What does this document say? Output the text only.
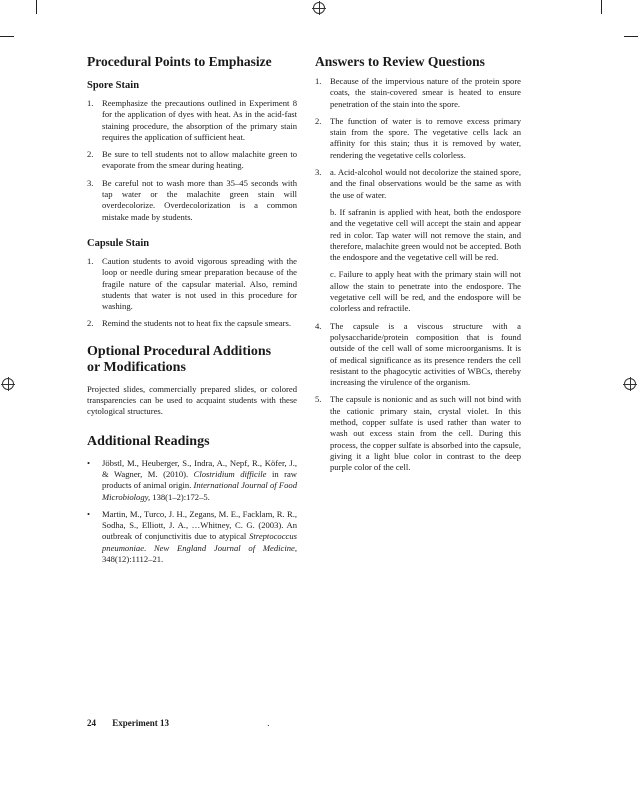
Procedural Points to Emphasize
Spore Stain
1. Reemphasize the precautions outlined in Experiment 8 for the application of dyes with heat. As in the acid-fast staining procedure, the absorption of the primary stain requires the application of sufficient heat.
2. Be sure to tell students not to allow malachite green to evaporate from the smear during heating.
3. Be careful not to wash more than 35–45 seconds with tap water or the malachite green stain will overdecolorize. Overdecolorization is a common mistake made by students.
Capsule Stain
1. Caution students to avoid vigorous spreading with the loop or needle during smear preparation because of the fragile nature of the capsular material. Also, remind students that water is not used in this procedure for washing.
2. Remind the students not to heat fix the capsule smears.
Optional Procedural Additions
or Modifications

Projected slides, commercially prepared slides, or colored transparencies can be used to acquaint students with these cytological structures.

Additional Readings
• Jöbstl, M., Heuberger, S., Indra, A., Nepf, R., Köfer, J., & Wagner, M. (2010). Clostridium difficile in raw products of animal origin. International Journal of Food Microbiology, 138(1–2):172–5.
• Martin, M., Turco, J. H., Zegans, M. E., Facklam, R. R., Sodha, S., Elliott, J. A., …Whitney, C. G. (2003). An outbreak of conjunctivitis due to atypical Streptococcus pneumoniae. New England Journal of Medicine, 348(12):1112–21.
Answers to Review Questions
1. Because of the impervious nature of the protein spore coats, the stain-covered smear is heated to ensure penetration of the stain into the spore.
2. The function of water is to remove excess primary stain from the spore. The vegetative cells lack an affinity for this stain; thus it is removed by water, rendering the vegetative cells colorless.
3. a. Acid-alcohol would not decolorize the stained spore, and the final observations would be the same as with the use of water.

b. If safranin is applied with heat, both the endospore and the vegetative cell will accept the stain and appear red in color. Tap water will not remove the stain, and therefore, malachite green would not be accepted. Both the endospore and the vegetative cell will be red.

c. Failure to apply heat with the primary stain will not allow the stain to penetrate into the endospore. The vegetative cell will be red, and the endospore will be colorless and refractile.

4. The capsule is a viscous structure with a polysaccharide/protein composition that is found outside of the cell wall of some microorganisms. It is of medical significance as its presence renders the cell resistant to the phagocytic activities of WBCs, thereby increasing the virulence of the organism.
5. The capsule is nonionic and as such will not bind with the cationic primary stain, crystal violet. In this method, copper sulfate is used rather than water to wash out excess stain from the cell. During this process, the copper sulfate is absorbed into the capsule, giving it a light blue color in contrast to the deep purple color of the cell.
24 Experiment 13	.
